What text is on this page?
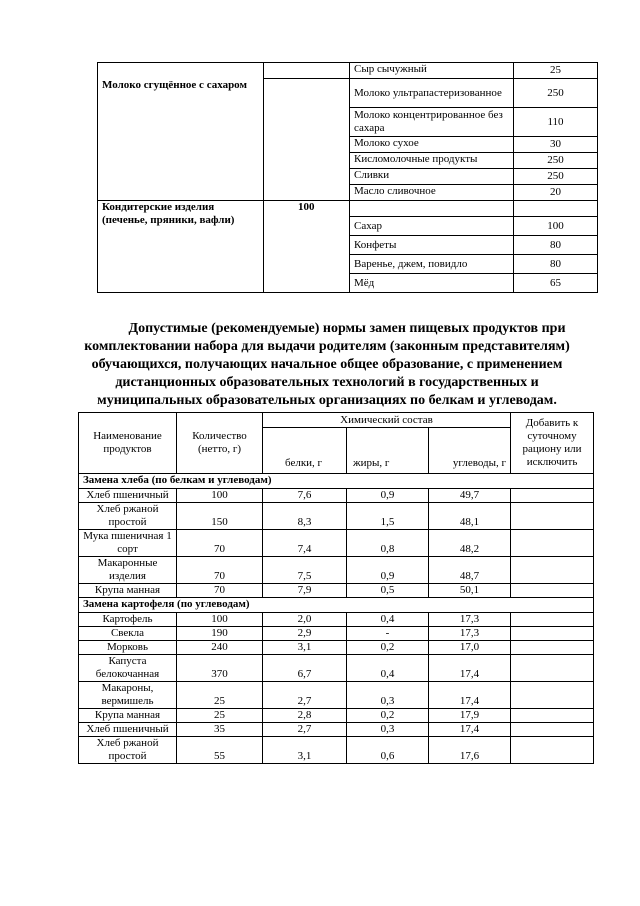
		Сыр сычужный	25
Молоко сгущённое с сахаром		Молоко ультрапастеризованное	250
		Молоко концентрированное без сахара	110
		Молоко сухое	30
		Кисломолочные продукты	250
		Сливки	250
		Масло сливочное	20
Кондитерские изделия (печенье, пряники, вафли)	100		
		Сахар	100
		Конфеты	80
		Варенье, джем, повидло	80
		Мёд	65
Допустимые (рекомендуемые) нормы замен пищевых продуктов при
комплектовании набора для выдачи родителям (законным представителям)
обучающихся, получающих начальное общее образование, с применением
дистанционных образовательных технологий в государственных и
муниципальных образовательных организациях по белкам и углеводам.
Наименование продуктов	Количество (нетто, г)	Химический состав			Добавить к суточному рациону или исключить
		белки, г	жиры, г	углеводы, г	
Замена хлеба (по белкам и углеводам)					
Хлеб пшеничный	100	7,6	0,9	49,7	
Хлеб ржаной простой	150	8,3	1,5	48,1	
Мука пшеничная 1 сорт	70	7,4	0,8	48,2	
Макаронные изделия	70	7,5	0,9	48,7	
Крупа манная	70	7,9	0,5	50,1	
Замена картофеля (по углеводам)					
Картофель	100	2,0	0,4	17,3	
Свекла	190	2,9	-	17,3	
Морковь	240	3,1	0,2	17,0	
Капуста белокочанная	370	6,7	0,4	17,4	
Макароны, вермишель	25	2,7	0,3	17,4	
Крупа манная	25	2,8	0,2	17,9	
Хлеб пшеничный	35	2,7	0,3	17,4	
Хлеб ржаной простой	55	3,1	0,6	17,6	
